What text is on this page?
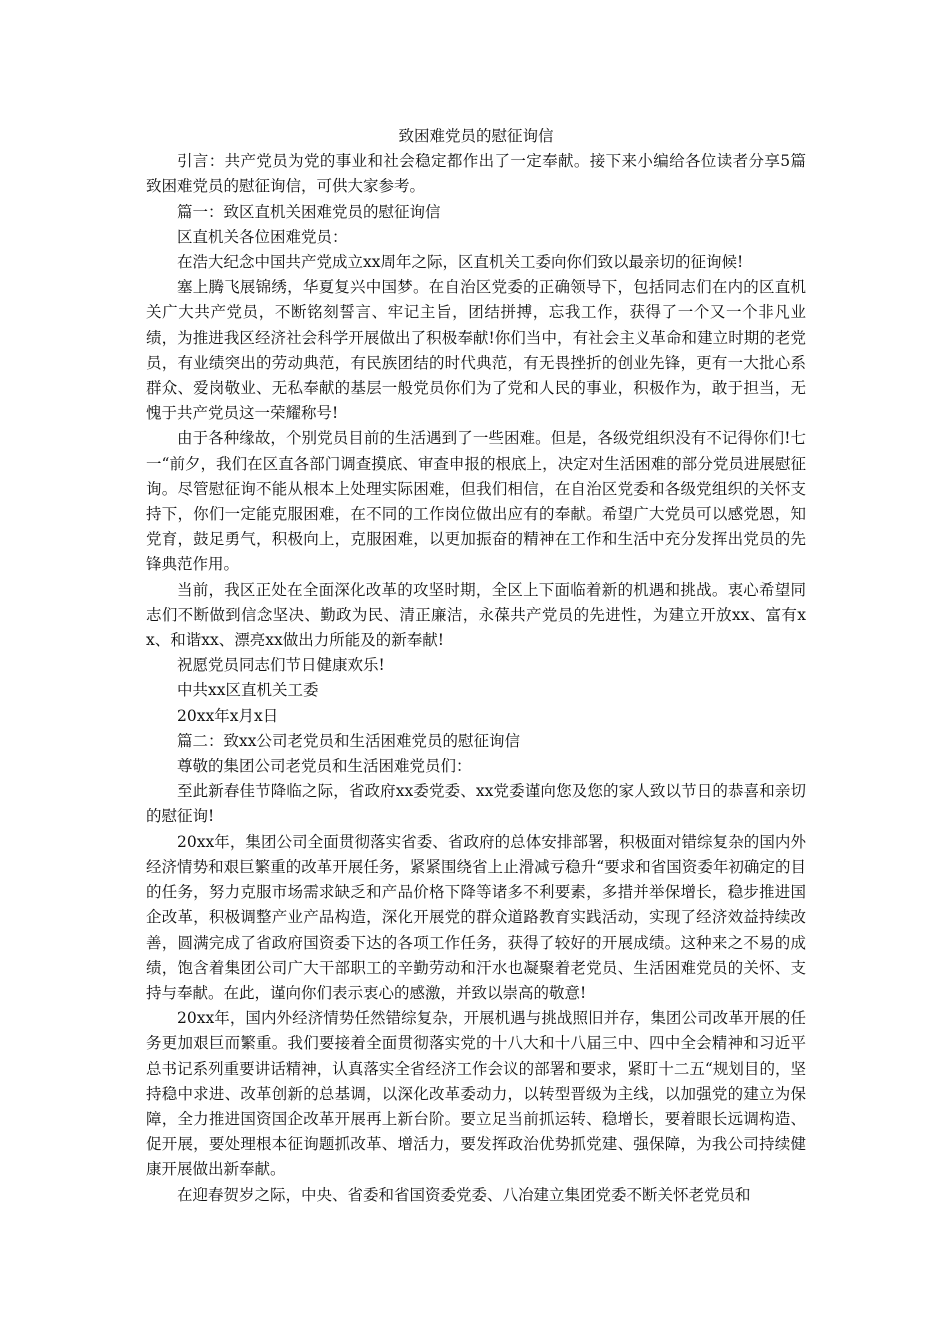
致困难党员的慰征询信

引言：共产党员为党的事业和社会稳定都作出了一定奉献。接下来小编给各位读者分享5篇致困难党员的慰征询信，可供大家参考。

篇一：致区直机关困难党员的慰征询信

区直机关各位困难党员：

在浩大纪念中国共产党成立xx周年之际，区直机关工委向你们致以最亲切的征询候!

塞上腾飞展锦绣，华夏复兴中国梦。在自治区党委的正确领导下，包括同志们在内的区直机关广大共产党员，不断铭刻誓言、牢记主旨，团结拼搏，忘我工作，获得了一个又一个非凡业绩，为推进我区经济社会科学开展做出了积极奉献!你们当中，有社会主义革命和建立时期的老党员，有业绩突出的劳动典范，有民族团结的时代典范，有无畏挫折的创业先锋，更有一大批心系群众、爱岗敬业、无私奉献的基层一般党员你们为了党和人民的事业，积极作为，敢于担当，无愧于共产党员这一荣耀称号!

由于各种缘故，个别党员目前的生活遇到了一些困难。但是，各级党组织没有不记得你们!七一“前夕，我们在区直各部门调查摸底、审查申报的根底上，决定对生活困难的部分党员进展慰征询。尽管慰征询不能从根本上处理实际困难，但我们相信，在自治区党委和各级党组织的关怀支持下，你们一定能克服困难，在不同的工作岗位做出应有的奉献。希望广大党员可以感党恩，知党育，鼓足勇气，积极向上，克服困难，以更加振奋的精神在工作和生活中充分发挥出党员的先锋典范作用。

当前，我区正处在全面深化改革的攻坚时期，全区上下面临着新的机遇和挑战。衷心希望同志们不断做到信念坚决、勤政为民、清正廉洁，永葆共产党员的先进性，为建立开放xx、富有xx、和谐xx、漂亮xx做出力所能及的新奉献!

祝愿党员同志们节日健康欢乐!

中共xx区直机关工委

20xx年x月x日

篇二：致xx公司老党员和生活困难党员的慰征询信

尊敬的集团公司老党员和生活困难党员们：

至此新春佳节降临之际，省政府xx委党委、xx党委谨向您及您的家人致以节日的恭喜和亲切的慰征询!

20xx年，集团公司全面贯彻落实省委、省政府的总体安排部署，积极面对错综复杂的国内外经济情势和艰巨繁重的改革开展任务，紧紧围绕省上止滑减亏稳升“要求和省国资委年初确定的目的任务，努力克服市场需求缺乏和产品价格下降等诸多不利要素，多措并举保增长，稳步推进国企改革，积极调整产业产品构造，深化开展党的群众道路教育实践活动，实现了经济效益持续改善，圆满完成了省政府国资委下达的各项工作任务，获得了较好的开展成绩。这种来之不易的成绩，饱含着集团公司广大干部职工的辛勤劳动和汗水也凝聚着老党员、生活困难党员的关怀、支持与奉献。在此，谨向你们表示衷心的感激，并致以崇高的敬意!

20xx年，国内外经济情势任然错综复杂，开展机遇与挑战照旧并存，集团公司改革开展的任务更加艰巨而繁重。我们要接着全面贯彻落实党的十八大和十八届三中、四中全会精神和习近平总书记系列重要讲话精神，认真落实全省经济工作会议的部署和要求，紧盯十二五“规划目的，坚持稳中求进、改革创新的总基调，以深化改革委动力，以转型晋级为主线，以加强党的建立为保障，全力推进国资国企改革开展再上新台阶。要立足当前抓运转、稳增长，要着眼长远调构造、促开展，要处理根本征询题抓改革、增活力，要发挥政治优势抓党建、强保障，为我公司持续健康开展做出新奉献。

在迎春贺岁之际，中央、省委和省国资委党委、八冶建立集团党委不断关怀老党员和
